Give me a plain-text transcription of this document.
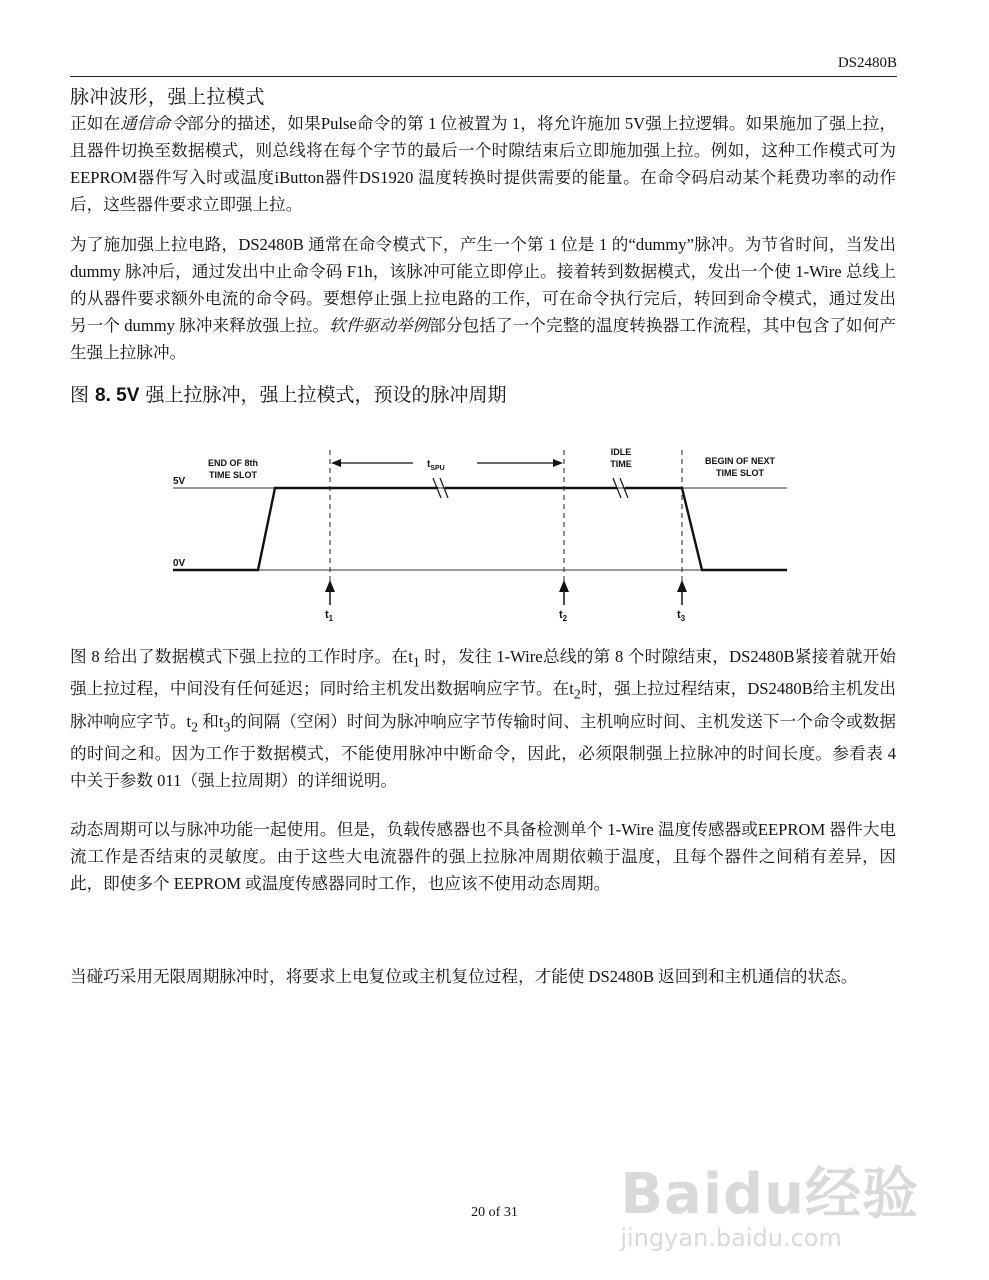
DS2480B
脉冲波形，强上拉模式
正如在通信命令部分的描述，如果Pulse命令的第 1 位被置为 1，将允许施加 5V强上拉逻辑。如果施加了强上拉，且器件切换至数据模式，则总线将在每个字节的最后一个时隙结束后立即施加强上拉。例如，这种工作模式可为EEPROM器件写入时或温度iButton器件DS1920 温度转换时提供需要的能量。在命令码启动某个耗费功率的动作后，这些器件要求立即强上拉。
为了施加强上拉电路，DS2480B 通常在命令模式下，产生一个第 1 位是 1 的“dummy”脉冲。为节省时间，当发出 dummy 脉冲后，通过发出中止命令码 F1h，该脉冲可能立即停止。接着转到数据模式，发出一个使 1-Wire 总线上的从器件要求额外电流的命令码。要想停止强上拉电路的工作，可在命令执行完后，转回到命令模式，通过发出另一个 dummy 脉冲来释放强上拉。软件驱动举例部分包括了一个完整的温度转换器工作流程，其中包含了如何产生强上拉脉冲。
图 8. 5V 强上拉脉冲，强上拉模式，预设的脉冲周期
5V
0V
END OF 8th
TIME SLOT
$t_{SPU}$
IDLE
TIME	BEGIN OF NEXT
TIME SLOT
$t_1$	$t_2$	$t_3$
图 8 给出了数据模式下强上拉的工作时序。在$t_1$ 时，发往 1-Wire总线的第 8 个时隙结束，DS2480B紧接着就开始强上拉过程，中间没有任何延迟；同时给主机发出数据响应字节。在$t_2$时，强上拉过程结束，DS2480B给主机发出脉冲响应字节。$t_2$ 和$t_3$的间隔（空闲）时间为脉冲响应字节传输时间、主机响应时间、主机发送下一个命令或数据的时间之和。因为工作于数据模式，不能使用脉冲中断命令，因此，必须限制强上拉脉冲的时间长度。参看表 4 中关于参数 011（强上拉周期）的详细说明。
动态周期可以与脉冲功能一起使用。但是，负载传感器也不具备检测单个 1-Wire 温度传感器或EEPROM 器件大电流工作是否结束的灵敏度。由于这些大电流器件的强上拉脉冲周期依赖于温度，且每个器件之间稍有差异，因此，即使多个 EEPROM 或温度传感器同时工作，也应该不使用动态周期。
当碰巧采用无限周期脉冲时，将要求上电复位或主机复位过程，才能使 DS2480B 返回到和主机通信的状态。
Baidu经验
jingyan.baidu.com
20 of 31
